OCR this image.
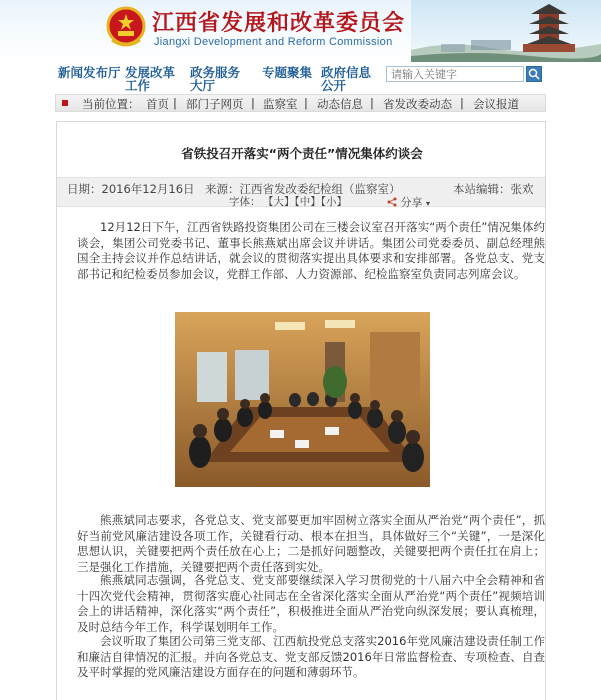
江西省发展和改革委员会
Jiangxi Development and Reform Commission
新闻发布厅 发展改革工作
政务服务大厅
专题聚集 政府信息公开
请输入关键字
当前位置： 首页 | 部门子网页 | 监察室 | 动态信息 | 省发改委动态 | 会议报道
省铁投召开落实“两个责任”情况集体约谈会
日期：2016年12月16日 来源：江西省发改委纪检组（监察室）	本站编辑：张欢
字体： 【大】【中】【小】	分享 ▾
12月12日下午，江西省铁路投资集团公司在三楼会议室召开落实“两个责任”情况集体约谈会，集团公司党委书记、董事长熊燕斌出席会议并讲话。集团公司党委委员、副总经理熊国全主持会议并作总结讲话，就会议的贯彻落实提出具体要求和安排部署。各党总支、党支部书记和纪检委员参加会议，党群工作部、人力资源部、纪检监察室负责同志列席会议。
熊燕斌同志要求，各党总支、党支部要更加牢固树立落实全面从严治党“两个责任”，抓好当前党风廉洁建设各项工作，关键看行动、根本在担当，具体做好三个“关键”，一是深化思想认识，关键要把两个责任放在心上；二是抓好问题整改，关键要把两个责任扛在肩上；三是强化工作措施，关键要把两个责任落到实处。
熊燕斌同志强调，各党总支、党支部要继续深入学习贯彻党的十八届六中全会精神和省十四次党代会精神，贯彻落实鹿心社同志在全省深化落实全面从严治党“两个责任”视频培训会上的讲话精神，深化落实“两个责任”，积极推进全面从严治党向纵深发展；要认真梳理，及时总结今年工作，科学谋划明年工作。
会议听取了集团公司第三党支部、江西航投党总支落实2016年党风廉洁建设责任制工作和廉洁自律情况的汇报。并向各党总支、党支部反馈2016年日常监督检查、专项检查、自查及平时掌握的党风廉洁建设方面存在的问题和薄弱环节。
